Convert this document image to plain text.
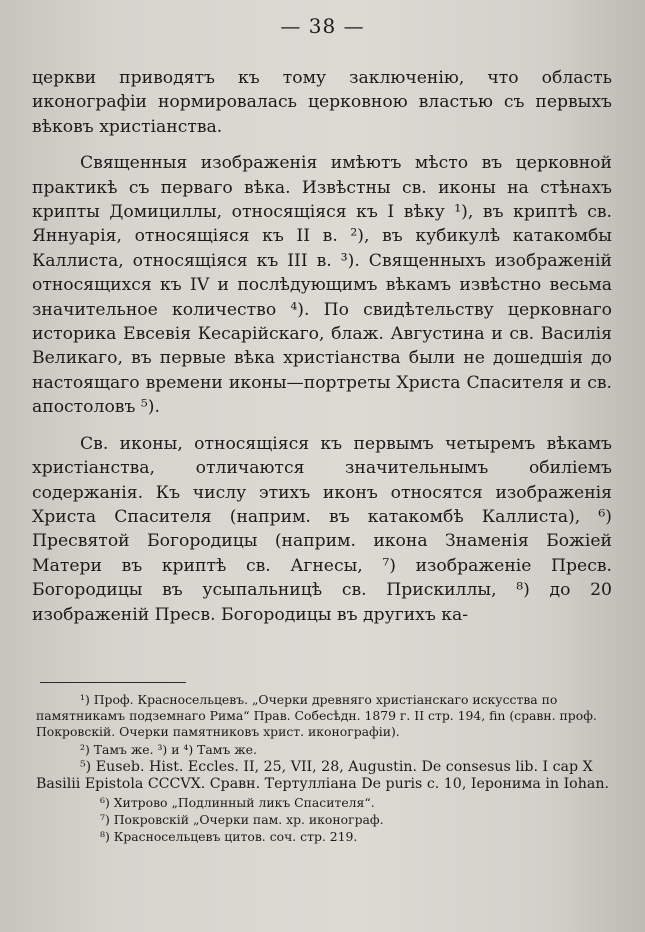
— 38 —

церкви приводятъ къ тому заключенію, что область иконографіи нормировалась церковною властью съ первыхъ вѣковъ христіанства.

Священныя изображенія имѣютъ мѣсто въ церковной практикѣ съ перваго вѣка. Извѣстны св. иконы на стѣнахъ крипты Домициллы, относящіяся къ I вѣку ¹), въ криптѣ св. Яннуарія, относящіяся къ II в. ²), въ кубикулѣ катакомбы Каллиста, относящіяся къ III в. ³). Священныхъ изображеній относящихся къ IV и послѣдующимъ вѣкамъ извѣстно весьма значительное количество ⁴). По свидѣтельству церковнаго историка Евсевія Кесарійскаго, блаж. Августина и св. Василія Великаго, въ первые вѣка христіанства были не дошедшія до настоящаго времени иконы—портреты Христа Спасителя и св. апостоловъ ⁵).

Св. иконы, относящіяся къ первымъ четыремъ вѣкамъ христіанства, отличаются значительнымъ обиліемъ содержанія. Къ числу этихъ иконъ относятся изображенія Христа Спасителя (наприм. въ катакомбѣ Каллиста), ⁶) Пресвятой Богородицы (наприм. икона Знаменія Божіей Матери въ криптѣ св. Агнесы, ⁷) изображеніе Пресв. Богородицы въ усыпальницѣ св. Прискиллы, ⁸) до 20 изображеній Пресв. Богородицы въ другихъ ка-

¹) Проф. Красносельцевъ. „Очерки древняго христіанскаго искусства по памятникамъ подземнаго Рима“ Прав. Собесѣдн. 1879 г. II стр. 194, fin (сравн. проф. Покровскій. Очерки памятниковъ христ. иконографіи).

²) Тамъ же. ³) и ⁴) Тамъ же.

⁵) Euseb. Hist. Eccles. II, 25, VII, 28, Augustin. De consesus lib. I cap X Basilii Epistola CCCVX. Сравн. Тертулліана De puris c. 10, Іеронима in Iohan.

⁶) Хитрово „Подлинный ликъ Спасителя“.

⁷) Покровскій „Очерки пам. хр. иконограф.

⁸) Красносельцевъ цитов. соч. стр. 219.
